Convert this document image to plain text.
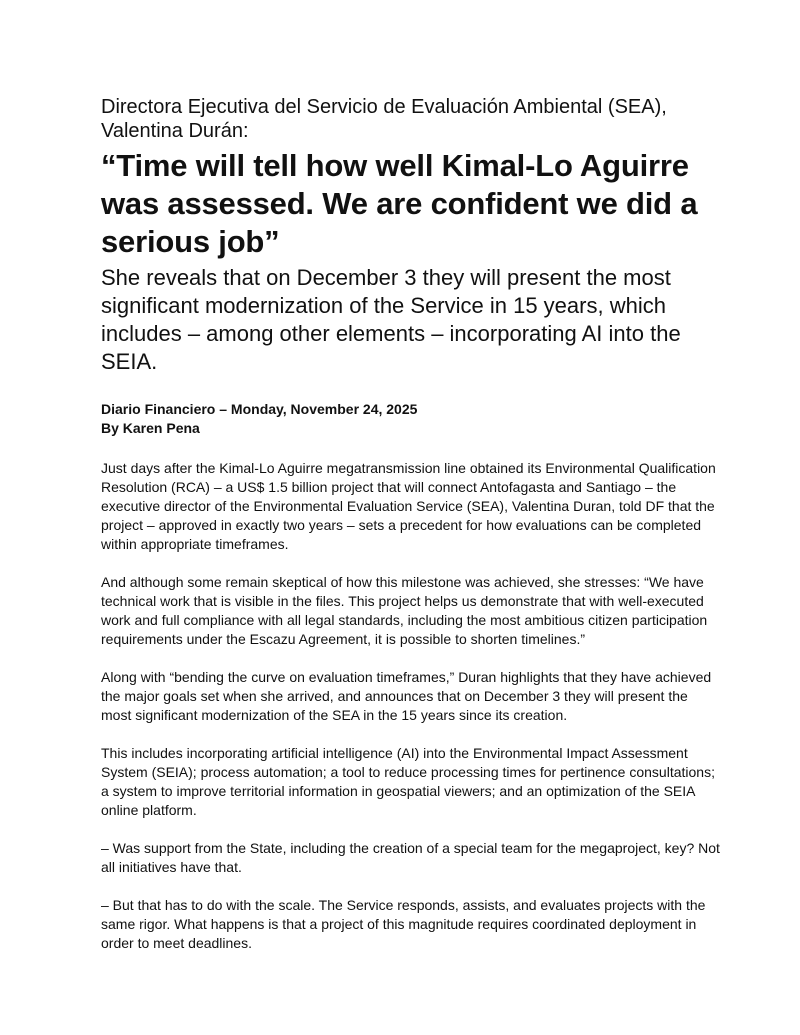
Directora Ejecutiva del Servicio de Evaluación Ambiental (SEA), Valentina Durán:

“Time will tell how well Kimal-Lo Aguirre was assessed. We are confident we did a serious job”

She reveals that on December 3 they will present the most significant modernization of the Service in 15 years, which includes – among other elements – incorporating AI into the SEIA.

Diario Financiero – Monday, November 24, 2025
By Karen Pena

Just days after the Kimal-Lo Aguirre megatransmission line obtained its Environmental Qualification Resolution (RCA) – a US$ 1.5 billion project that will connect Antofagasta and Santiago – the executive director of the Environmental Evaluation Service (SEA), Valentina Duran, told DF that the project – approved in exactly two years – sets a precedent for how evaluations can be completed within appropriate timeframes.

And although some remain skeptical of how this milestone was achieved, she stresses: “We have technical work that is visible in the files. This project helps us demonstrate that with well-executed work and full compliance with all legal standards, including the most ambitious citizen participation requirements under the Escazu Agreement, it is possible to shorten timelines.”

Along with “bending the curve on evaluation timeframes,” Duran highlights that they have achieved the major goals set when she arrived, and announces that on December 3 they will present the most significant modernization of the SEA in the 15 years since its creation.

This includes incorporating artificial intelligence (AI) into the Environmental Impact Assessment System (SEIA); process automation; a tool to reduce processing times for pertinence consultations; a system to improve territorial information in geospatial viewers; and an optimization of the SEIA online platform.

– Was support from the State, including the creation of a special team for the megaproject, key? Not all initiatives have that.

– But that has to do with the scale. The Service responds, assists, and evaluates projects with the same rigor. What happens is that a project of this magnitude requires coordinated deployment in order to meet deadlines.
